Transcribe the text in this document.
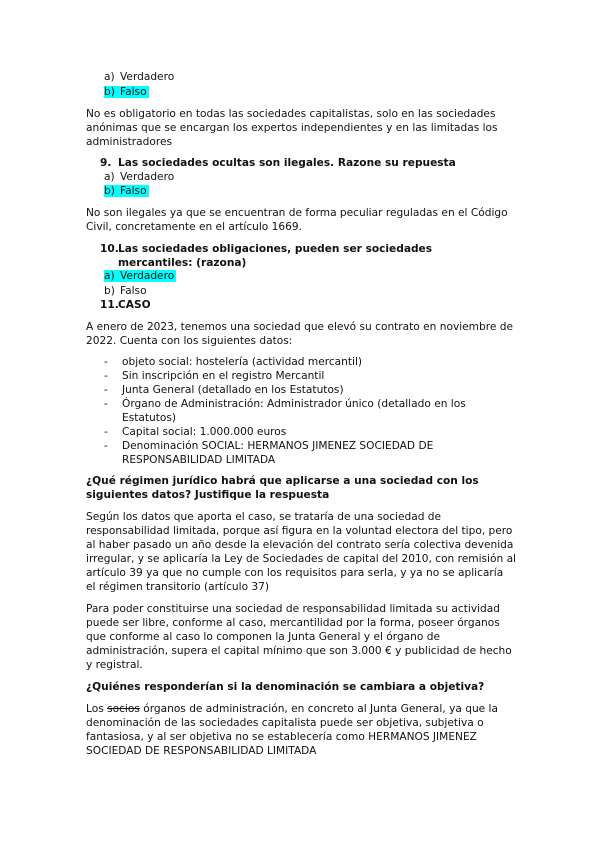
a) Verdadero
b) Falso
No es obligatorio en todas las sociedades capitalistas, solo en las sociedades anónimas que se encargan los expertos independientes y en las limitadas los administradores
9. Las sociedades ocultas son ilegales. Razone su repuesta
a) Verdadero
b) Falso
No son ilegales ya que se encuentran de forma peculiar reguladas en el Código Civil, concretamente en el artículo 1669.
10.Las sociedades obligaciones, pueden ser sociedades
mercantiles: (razona)
a) Verdadero
b) Falso
11.CASO
A enero de 2023, tenemos una sociedad que elevó su contrato en noviembre de 2022. Cuenta con los siguientes datos:
- objeto social: hostelería (actividad mercantil)
- Sin inscripción en el registro Mercantil
- Junta General (detallado en los Estatutos)
- Órgano de Administración: Administrador único (detallado en los Estatutos)
- Capital social: 1.000.000 euros
- Denominación SOCIAL: HERMANOS JIMENEZ SOCIEDAD DE RESPONSABILIDAD LIMITADA
¿Qué régimen jurídico habrá que aplicarse a una sociedad con los siguientes datos? Justifique la respuesta
Según los datos que aporta el caso, se trataría de una sociedad de responsabilidad limitada, porque así figura en la voluntad electora del tipo, pero al haber pasado un año desde la elevación del contrato sería colectiva devenida irregular, y se aplicaría la Ley de Sociedades de capital del 2010, con remisión al artículo 39 ya que no cumple con los requisitos para serla, y ya no se aplicaría el régimen transitorio (artículo 37)
Para poder constituirse una sociedad de responsabilidad limitada su actividad puede ser libre, conforme al caso, mercantilidad por la forma, poseer órganos que conforme al caso lo componen la Junta General y el órgano de administración, supera el capital mínimo que son 3.000 € y publicidad de hecho y registral.
¿Quiénes responderían si la denominación se cambiara a objetiva?
Los socios órganos de administración, en concreto al Junta General, ya que la denominación de las sociedades capitalista puede ser objetiva, subjetiva o fantasiosa, y al ser objetiva no se establecería como HERMANOS JIMENEZ SOCIEDAD DE RESPONSABILIDAD LIMITADA
